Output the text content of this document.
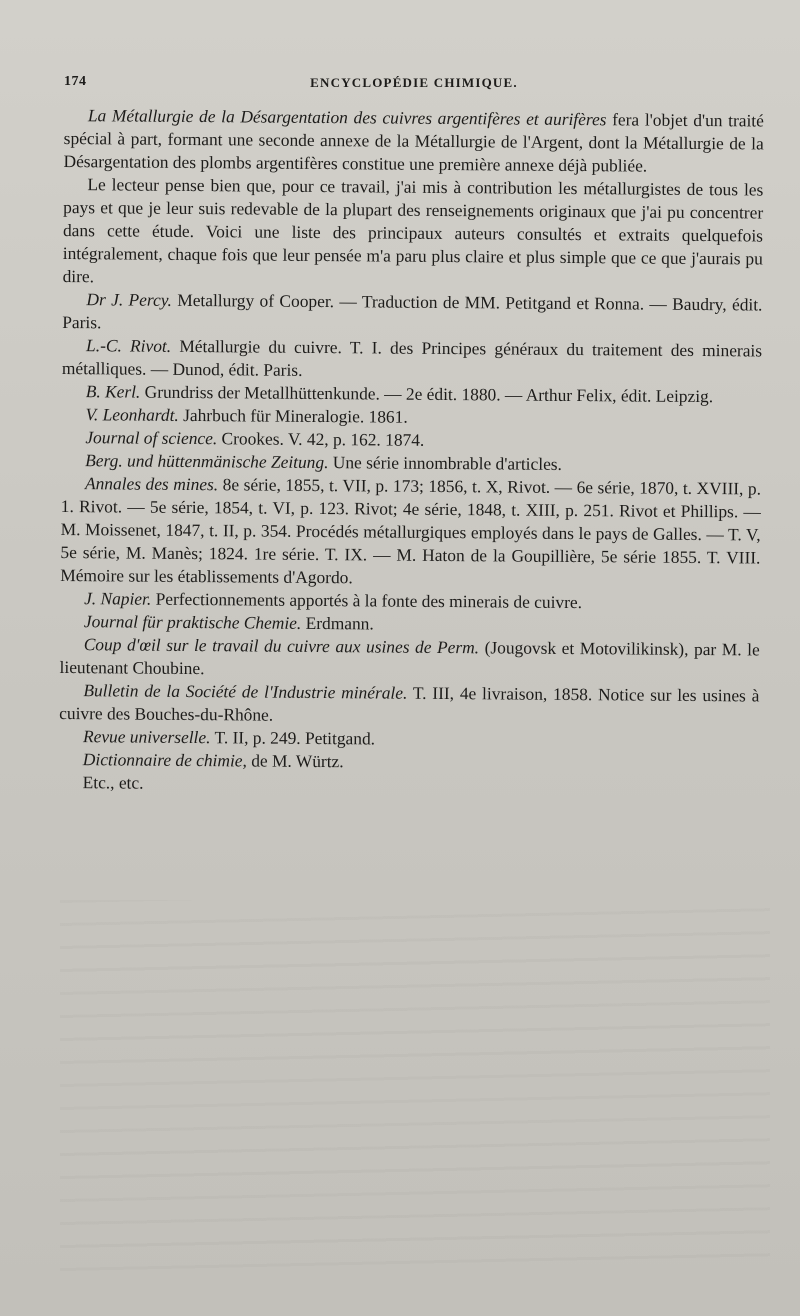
174	ENCYCLOPÉDIE CHIMIQUE.

La Métallurgie de la Désargentation des cuivres argentifères et aurifères fera l'objet d'un traité spécial à part, formant une seconde annexe de la Métallurgie de l'Argent, dont la Métallurgie de la Désargentation des plombs argentifères constitue une première annexe déjà publiée.

Le lecteur pense bien que, pour ce travail, j'ai mis à contribution les métallurgistes de tous les pays et que je leur suis redevable de la plupart des renseignements originaux que j'ai pu concentrer dans cette étude. Voici une liste des principaux auteurs consultés et extraits quelquefois intégralement, chaque fois que leur pensée m'a paru plus claire et plus simple que ce que j'aurais pu dire.

Dr J. Percy. Metallurgy of Cooper. — Traduction de MM. Petitgand et Ronna. — Baudry, édit. Paris.

L.-C. Rivot. Métallurgie du cuivre. T. I. des Principes généraux du traitement des minerais métalliques. — Dunod, édit. Paris.

B. Kerl. Grundriss der Metallhüttenkunde. — 2e édit. 1880. — Arthur Felix, édit. Leipzig.

V. Leonhardt. Jahrbuch für Mineralogie. 1861.

Journal of science. Crookes. V. 42, p. 162. 1874.

Berg. und hüttenmänische Zeitung. Une série innombrable d'articles.

Annales des mines. 8e série, 1855, t. VII, p. 173; 1856, t. X, Rivot. — 6e série, 1870, t. XVIII, p. 1. Rivot. — 5e série, 1854, t. VI, p. 123. Rivot; 4e série, 1848, t. XIII, p. 251. Rivot et Phillips. — M. Moissenet, 1847, t. II, p. 354. Procédés métallurgiques employés dans le pays de Galles. — T. V, 5e série, M. Manès; 1824. 1re série. T. IX. — M. Haton de la Goupillière, 5e série 1855. T. VIII. Mémoire sur les établissements d'Agordo.

J. Napier. Perfectionnements apportés à la fonte des minerais de cuivre.

Journal für praktische Chemie. Erdmann.

Coup d'œil sur le travail du cuivre aux usines de Perm. (Jougovsk et Motovilikinsk), par M. le lieutenant Choubine.

Bulletin de la Société de l'Industrie minérale. T. III, 4e livraison, 1858. Notice sur les usines à cuivre des Bouches-du-Rhône.

Revue universelle. T. II, p. 249. Petitgand.

Dictionnaire de chimie, de M. Würtz.

Etc., etc.
